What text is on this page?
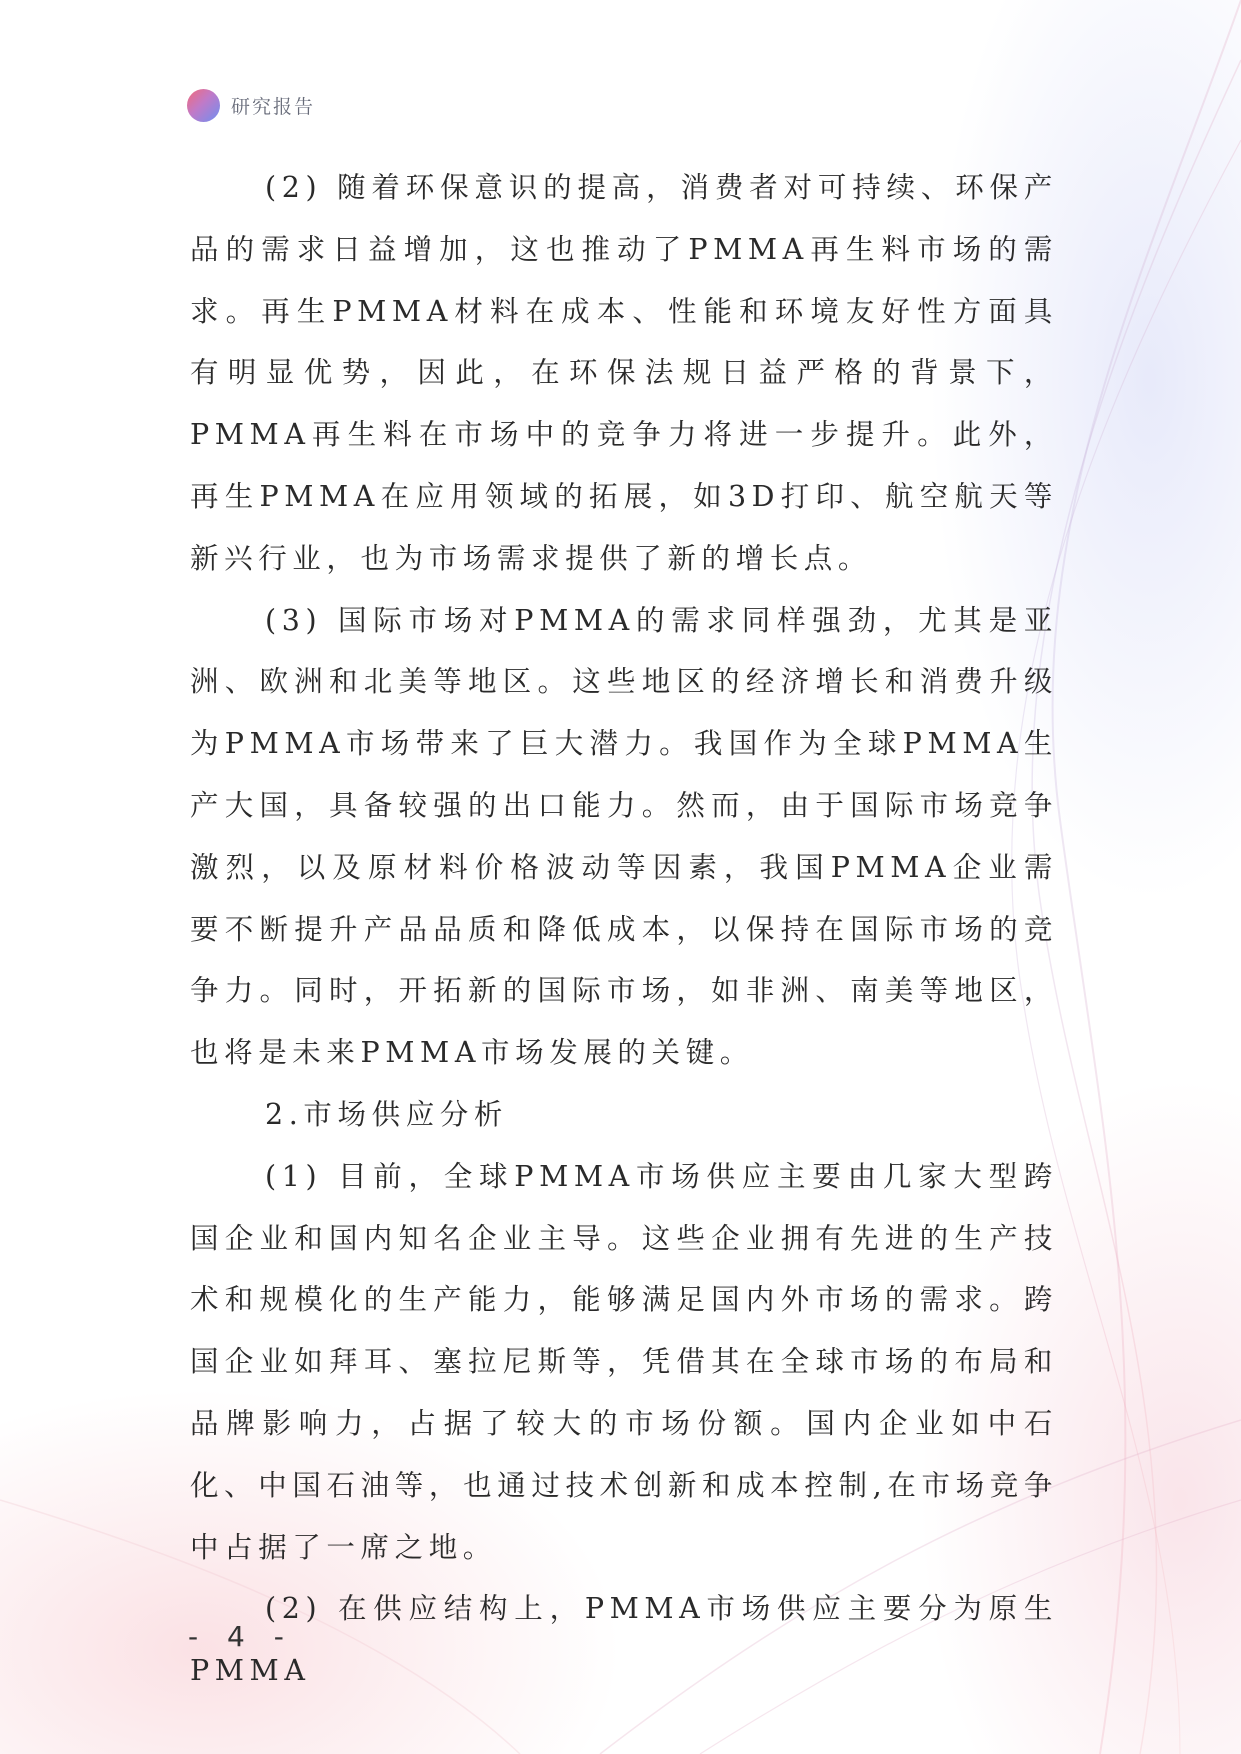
研究报告

(2) 随着环保意识的提高，消费者对可持续、环保产品的需求日益增加，这也推动了PMMA再生料市场的需求。再生PMMA材料在成本、性能和环境友好性方面具有明显优势，因此，在环保法规日益严格的背景下，PMMA再生料在市场中的竞争力将进一步提升。此外，再生PMMA在应用领域的拓展，如3D打印、航空航天等新兴行业，也为市场需求提供了新的增长点。

(3) 国际市场对PMMA的需求同样强劲，尤其是亚洲、欧洲和北美等地区。这些地区的经济增长和消费升级为PMMA市场带来了巨大潜力。我国作为全球PMMA生产大国，具备较强的出口能力。然而，由于国际市场竞争激烈，以及原材料价格波动等因素，我国PMMA企业需要不断提升产品品质和降低成本，以保持在国际市场的竞争力。同时，开拓新的国际市场，如非洲、南美等地区，也将是未来PMMA市场发展的关键。

2.市场供应分析

(1) 目前，全球PMMA市场供应主要由几家大型跨国企业和国内知名企业主导。这些企业拥有先进的生产技术和规模化的生产能力，能够满足国内外市场的需求。跨国企业如拜耳、塞拉尼斯等，凭借其在全球市场的布局和品牌影响力，占据了较大的市场份额。国内企业如中石化、中国石油等，也通过技术创新和成本控制,在市场竞争中占据了一席之地。

(2) 在供应结构上，PMMA市场供应主要分为原生PMMA

- 4 -
